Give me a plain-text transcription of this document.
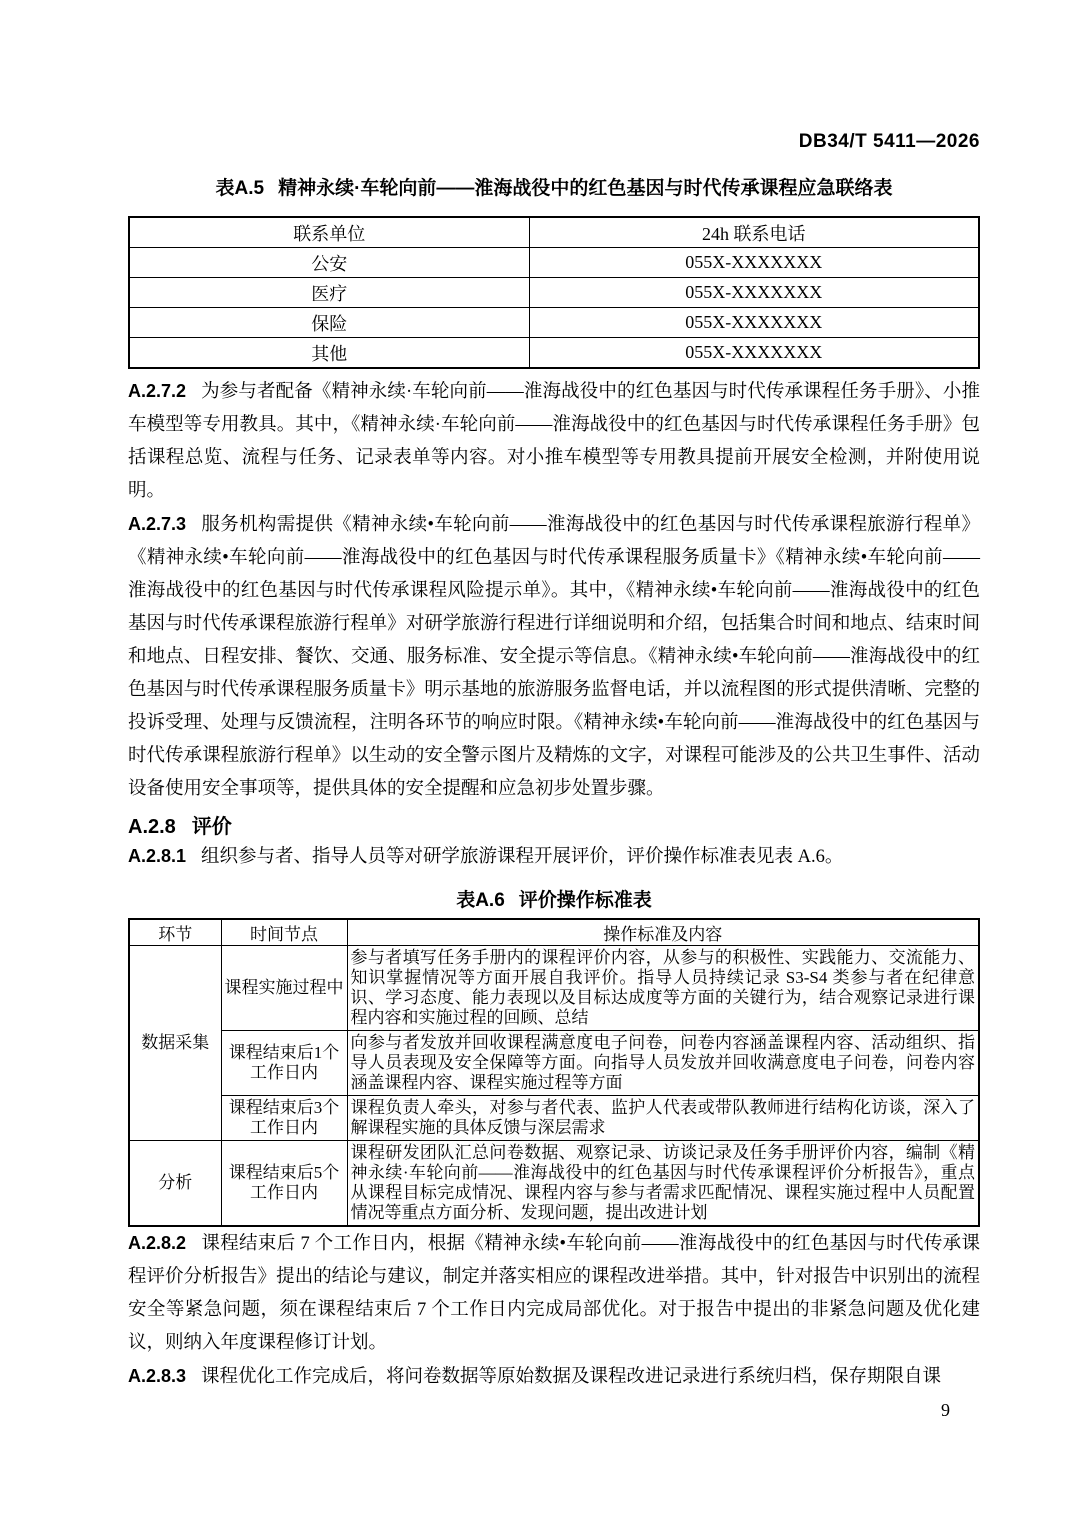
DB34/T 5411—2026
表A.5 精神永续·车轮向前——淮海战役中的红色基因与时代传承课程应急联络表
联系单位	24h 联系电话
公安	055X-XXXXXXX
医疗	055X-XXXXXXX
保险	055X-XXXXXXX
其他	055X-XXXXXXX

A.2.7.2 为参与者配备《精神永续·车轮向前——淮海战役中的红色基因与时代传承课程任务手册》、小推车模型等专用教具。其中，《精神永续·车轮向前——淮海战役中的红色基因与时代传承课程任务手册》包括课程总览、流程与任务、记录表单等内容。对小推车模型等专用教具提前开展安全检测，并附使用说明。

A.2.7.3 服务机构需提供《精神永续•车轮向前——淮海战役中的红色基因与时代传承课程旅游行程单》《精神永续•车轮向前——淮海战役中的红色基因与时代传承课程服务质量卡》《精神永续•车轮向前——淮海战役中的红色基因与时代传承课程风险提示单》。其中，《精神永续•车轮向前——淮海战役中的红色基因与时代传承课程旅游行程单》对研学旅游行程进行详细说明和介绍，包括集合时间和地点、结束时间和地点、日程安排、餐饮、交通、服务标准、安全提示等信息。《精神永续•车轮向前——淮海战役中的红色基因与时代传承课程服务质量卡》明示基地的旅游服务监督电话，并以流程图的形式提供清晰、完整的投诉受理、处理与反馈流程，注明各环节的响应时限。《精神永续•车轮向前——淮海战役中的红色基因与时代传承课程旅游行程单》以生动的安全警示图片及精炼的文字，对课程可能涉及的公共卫生事件、活动设备使用安全事项等，提供具体的安全提醒和应急初步处置步骤。

A.2.8 评价

A.2.8.1 组织参与者、指导人员等对研学旅游课程开展评价，评价操作标准表见表 A.6。

表A.6 评价操作标准表
环节	时间节点	操作标准及内容
数据采集	课程实施过程中	参与者填写任务手册内的课程评价内容，从参与的积极性、实践能力、交流能力、知识掌握情况等方面开展自我评价。指导人员持续记录 S3-S4 类参与者在纪律意识、学习态度、能力表现以及目标达成度等方面的关键行为，结合观察记录进行课程内容和实施过程的回顾、总结
	课程结束后1个工作日内	向参与者发放并回收课程满意度电子问卷，问卷内容涵盖课程内容、活动组织、指导人员表现及安全保障等方面。向指导人员发放并回收满意度电子问卷，问卷内容涵盖课程内容、课程实施过程等方面
	课程结束后3个工作日内	课程负责人牵头，对参与者代表、监护人代表或带队教师进行结构化访谈，深入了解课程实施的具体反馈与深层需求
分析	课程结束后5个工作日内	课程研发团队汇总问卷数据、观察记录、访谈记录及任务手册评价内容，编制《精神永续·车轮向前——淮海战役中的红色基因与时代传承课程评价分析报告》，重点从课程目标完成情况、课程内容与参与者需求匹配情况、课程实施过程中人员配置情况等重点方面分析、发现问题，提出改进计划

A.2.8.2 课程结束后 7 个工作日内，根据《精神永续•车轮向前——淮海战役中的红色基因与时代传承课程评价分析报告》提出的结论与建议，制定并落实相应的课程改进举措。其中，针对报告中识别出的流程安全等紧急问题，须在课程结束后 7 个工作日内完成局部优化。对于报告中提出的非紧急问题及优化建议，则纳入年度课程修订计划。

A.2.8.3 课程优化工作完成后，将问卷数据等原始数据及课程改进记录进行系统归档，保存期限自课

9
